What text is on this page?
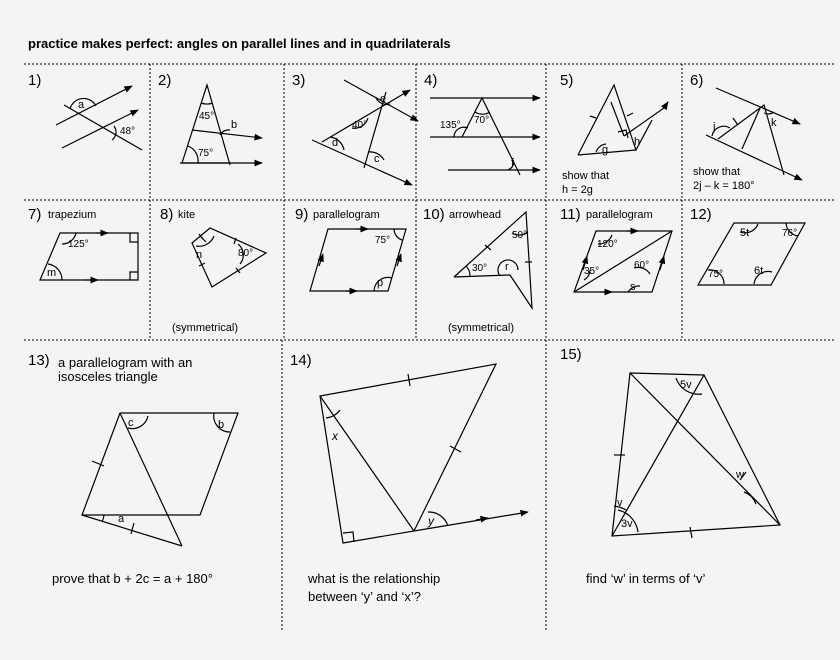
practice makes perfect: angles on parallel lines and in quadrilaterals
1)	2)	3)	4)	5)	6)
7) trapezium	8) kite	9) parallelogram	10) arrowhead	11) parallelogram 12)
13)	14)	15)
show that
h = 2g
show that
2j – k = 180°
(symmetrical)	(symmetrical)
a parallelogram with an
isosceles triangle
prove that b + 2c = a + 180°	what is the relationship
between ‘y’ and ‘x’?
find ‘w’ in terms of ‘v’
a
48°
45°
b
75°
e
40°
d
c
135° 70°
f
g
h
j	k
125°
m
n	80°
75°
p
50°
30° r
120°
35°
60°
s
5t	76°
75°	6t
c	b
a
x
y
5v
w
v
3v
